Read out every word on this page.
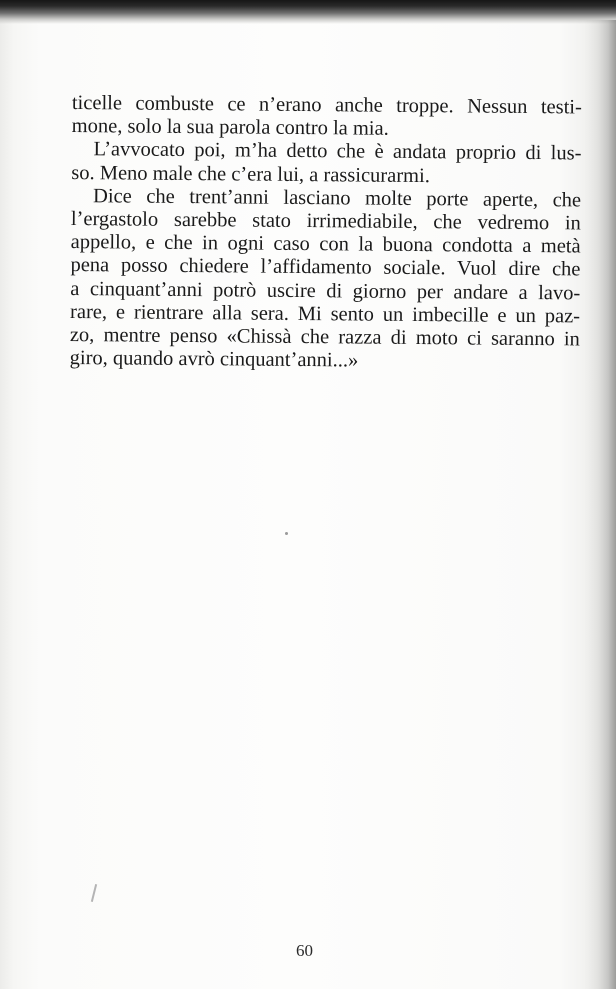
ticelle combuste ce n’erano anche troppe. Nessun testi-
mone, solo la sua parola contro la mia.
L’avvocato poi, m’ha detto che è andata proprio di lus-
so. Meno male che c’era lui, a rassicurarmi.
Dice che trent’anni lasciano molte porte aperte, che
l’ergastolo sarebbe stato irrimediabile, che vedremo in
appello, e che in ogni caso con la buona condotta a metà
pena posso chiedere l’affidamento sociale. Vuol dire che
a cinquant’anni potrò uscire di giorno per andare a lavo-
rare, e rientrare alla sera. Mi sento un imbecille e un paz-
zo, mentre penso «Chissà che razza di moto ci saranno in
giro, quando avrò cinquant’anni...»
60
